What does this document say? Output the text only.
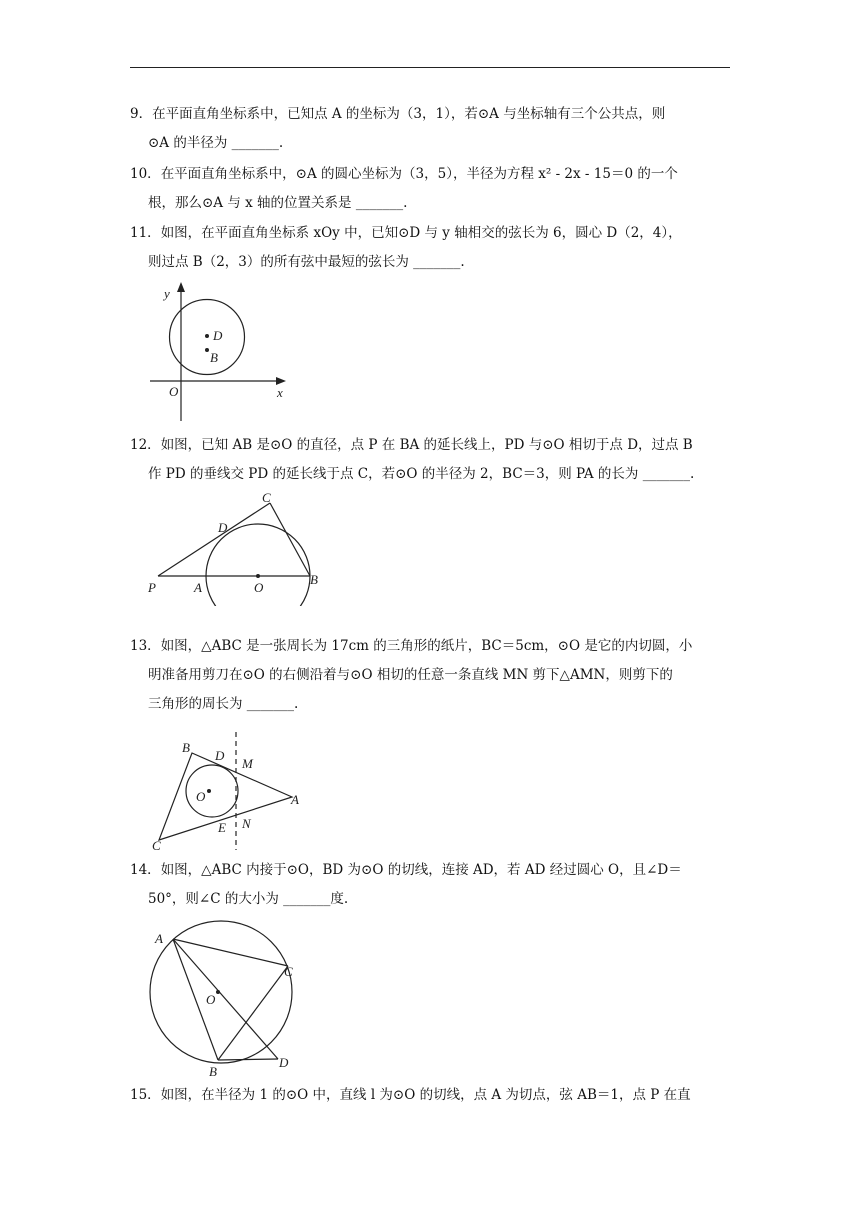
9．在平面直角坐标系中，已知点 A 的坐标为（3，1），若⊙A 与坐标轴有三个公共点，则

⊙A 的半径为 _______.

10．在平面直角坐标系中，⊙A 的圆心坐标为（3，5），半径为方程 x² - 2x - 15＝0 的一个

根，那么⊙A 与 x 轴的位置关系是 _______.

11．如图，在平面直角坐标系 xOy 中，已知⊙D 与 y 轴相交的弦长为 6，圆心 D（2，4），

则过点 B（2，3）的所有弦中最短的弦长为 _______.

y
D
B
O	x

12．如图，已知 AB 是⊙O 的直径，点 P 在 BA 的延长线上，PD 与⊙O 相切于点 D，过点 B

作 PD 的垂线交 PD 的延长线于点 C，若⊙O 的半径为 2，BC＝3，则 PA 的长为 _______.

C
D
P	A	O
B

13．如图，△ABC 是一张周长为 17cm 的三角形的纸片，BC＝5cm，⊙O 是它的内切圆，小

明准备用剪刀在⊙O 的右侧沿着与⊙O 相切的任意一条直线 MN 剪下△AMN，则剪下的

三角形的周长为 _______.

B
D
M
O	A
E N
C

14．如图，△ABC 内接于⊙O，BD 为⊙O 的切线，连接 AD，若 AD 经过圆心 O，且∠D＝

50°，则∠C 的大小为 _______度.

A
C
O
B
D

15．如图，在半径为 1 的⊙O 中，直线 l 为⊙O 的切线，点 A 为切点，弦 AB＝1，点 P 在直
